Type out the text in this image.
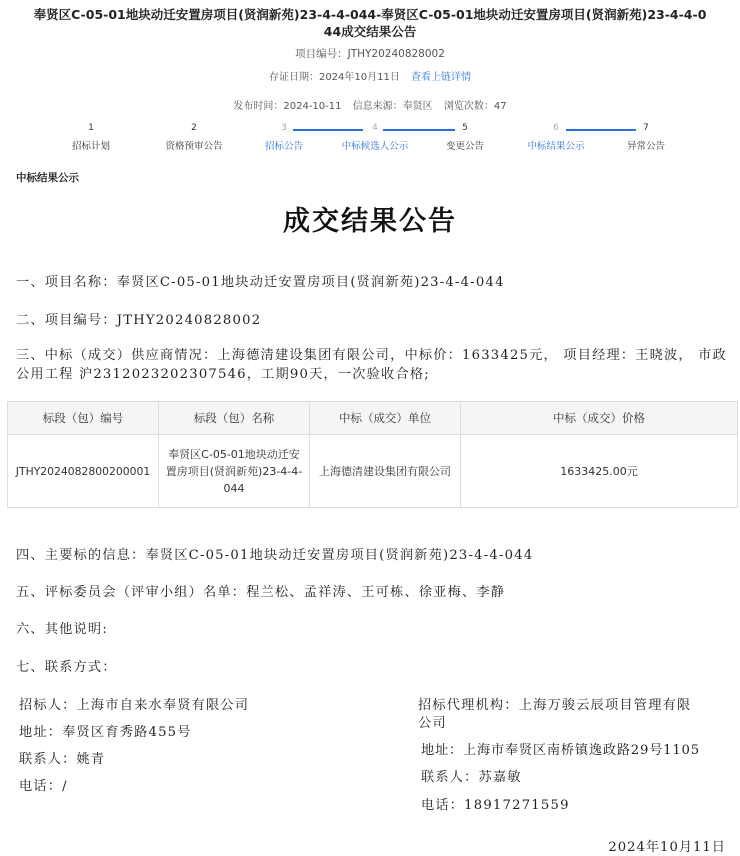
奉贤区C-05-01地块动迁安置房项目(贤润新苑)23-4-4-044-奉贤区C-05-01地块动迁安置房项目(贤润新苑)23-4-4-0
44成交结果公告
项目编号：JTHY20240828002
存证日期：2024年10月11日 查看上链详情
发布时间：2024-10-11 信息来源：奉贤区 浏览次数：47
1
招标计划
2
资格预审公告
3
招标公告
4
中标候选人公示
5
变更公告
6
中标结果公示
7
异常公告
中标结果公示
成交结果公告
一、项目名称：奉贤区C-05-01地块动迁安置房项目(贤润新苑)23-4-4-044
二、项目编号：JTHY20240828002
三、中标（成交）供应商情况：上海德清建设集团有限公司，中标价：1633425元， 项目经理：王晓波， 市政公用工程 沪2312023202307546，工期90天，一次验收合格;
标段（包）编号	标段（包）名称	中标（成交）单位	中标（成交）价格
JTHY2024082800200001	奉贤区C-05-01地块动迁安置房项目(贤润新苑)23-4-4-044	上海德清建设集团有限公司	1633425.00元
四、主要标的信息：奉贤区C-05-01地块动迁安置房项目(贤润新苑)23-4-4-044
五、评标委员会（评审小组）名单：程兰松、孟祥涛、王可栋、徐亚梅、李静
六、其他说明:
七、联系方式：
招标人：上海市自来水奉贤有限公司
地址：奉贤区育秀路455号
联系人：姚青
电话：/
招标代理机构：上海万骏云辰项目管理有限
公司
地址：上海市奉贤区南桥镇逸政路29号1105
联系人：苏嘉敏
电话：18917271559
2024年10月11日
